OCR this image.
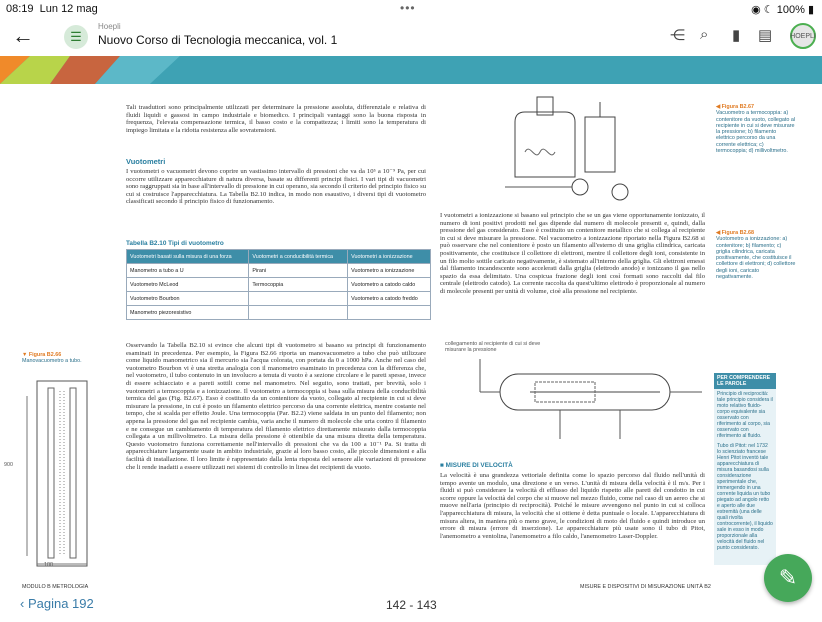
08:19 Lun 12 mag	•••	◉ ☾ 100% ▮
←	☰
Hoepli
Nuovo Corso di Tecnologia meccanica, vol. 1	⋲ ⌕ ▮ ▤	HOEPLI
Tali trasduttori sono principalmente utilizzati per determinare la pressione assoluta, differenziale e relativa di fluidi liquidi e gassosi in campo industriale e biomedico. I principali vantaggi sono la buona risposta in frequenza, l'elevata compensazione termica, il basso costo e la compattezza; i limiti sono la temperatura di impiego limitata e la ridotta resistenza alle sovratensioni.
Vuotometri
I vuotometri o vacuometri devono coprire un vastissimo intervallo di pressioni che va da 10⁵ a 10⁻⁹ Pa, per cui occorre utilizzare apparecchiature di natura diversa, basate su differenti principi fisici. I vari tipi di vacuometri sono raggruppati sia in base all'intervallo di pressione in cui operano, sia secondo il criterio del principio fisico su cui si costruisce l'apparecchiatura. La Tabella B2.10 indica, in modo non esaustivo, i diversi tipi di vuotometro classificati secondo il principio fisico di funzionamento.
Tabella B2.10 Tipi di vuotometro
Vuotometri basati sulla misura di una forza	Vuotometri a conducibilità termica	Vuotometri a ionizzazione
Manometro a tubo a U	Pirani	Vuotometro a ionizzazione
Vuotometro McLeod	Termocoppia	Vuotometro a catodo caldo
Vuotometro Bourbon		Vuotometro a catodo freddo
Manometro piezoresistivo		
▼ Figura B2.66
Manovacuometro a tubo.
900
100
Osservando la Tabella B2.10 si evince che alcuni tipi di vuotometro si basano su principi di funzionamento esaminati in precedenza. Per esempio, la Figura B2.66 riporta un manovacuometro a tubo che può utilizzare come liquido manometrico sia il mercurio sia l'acqua colorata, con portata da 0 a 1000 hPa. Anche nel caso del vuotometro Bourbon vi è una stretta analogia con il manometro esaminato in precedenza con la differenza che, nel vuotometro, il tubo contenuto in un involucro a tenuta di vuoto è a sezione circolare e le pareti spesse, invece di essere schiacciato e a pareti sottili come nel manometro. Nel seguito, sono trattati, per brevità, solo i vuotometri a termocoppia e a ionizzazione. Il vuotometro a termocoppia si basa sulla misura della conducibilità termica del gas (Fig. B2.67). Esso è costituito da un contenitore da vuoto, collegato al recipiente in cui si deve misurare la pressione, in cui è posto un filamento elettrico percorso da una corrente elettrica, mentre costante nel tempo, che si scalda per effetto Joule. Una termocoppia (Par. B2.2) viene saldata in un punto del filamento; non appena la pressione del gas nel recipiente cambia, varia anche il numero di molecole che urta contro il filamento e ne consegue un cambiamento di temperatura del filamento elettrico direttamente misurato dalla termocoppia collegata a un millivoltmetro. La misura della pressione è ottenibile da una misura diretta della temperatura. Questo vuotometro funziona correttamente nell'intervallo di pressioni che va da 100 a 10⁻¹ Pa. Si tratta di apparecchiature largamente usate in ambito industriale, grazie al loro basso costo, alle piccole dimensioni e alla facilità di installazione. Il loro limite è rappresentato dalla lenta risposta del sensore alle variazioni di pressione che li rende inadatti a essere utilizzati nei sistemi di controllo in linea dei recipienti da vuoto.
◀ Figura B2.67
Vacuometro a termocoppia: a) contenitore da vuoto, collegato al recipiente in cui si deve misurare la pressione; b) filamento elettrico percorso da una corrente elettrica; c) termocoppia; d) millivoltmetro.
I vuotometri a ionizzazione si basano sul principio che se un gas viene opportunamente ionizzato, il numero di ioni positivi prodotti nel gas dipende dal numero di molecole presenti e, quindi, dalla pressione del gas considerato. Esso è costituito un contenitore metallico che si collega al recipiente in cui si deve misurare la pressione. Nel vacuometro a ionizzazione riportato nella Figura B2.68 si può osservare che nel contenitore è posto un filamento all'esterno di una griglia cilindrica, caricata positivamente, che costituisce il collettore di elettroni, mentre il collettore degli ioni, consistente in un filo molto sottile caricato negativamente, è sistemato all'interno della griglia. Gli elettroni emessi dal filamento incandescente sono accelerati dalla griglia (elettrodo anodo) e ionizzano il gas nello spazio da essa delimitato. Una cospicua frazione degli ioni così formati sono raccolti dal filo centrale (elettrodo catodo). La corrente raccolta da quest'ultimo elettrodo è proporzionale al numero di molecole presenti per unità di volume, cioè alla pressione nel recipiente.
◀ Figura B2.68
Vuotometro a ionizzazione: a) contenitore; b) filamento; c) griglia cilindrica, caricata positivamente, che costituisce il collettore di elettroni; d) collettore degli ioni, caricato negativamente.
collegamento al recipiente di cui si deve misurare la pressione
■ MISURE DI VELOCITÀ
La velocità è una grandezza vettoriale definita come lo spazio percorso dal fluido nell'unità di tempo avente un modulo, una direzione e un verso. L'unità di misura della velocità è il m/s. Per i fluidi si può considerare la velocità di efflusso del liquido rispetto alle pareti del condotto in cui scorre oppure la velocità del corpo che si muove nel mezzo fluido, come nel caso di un aereo che si muove nell'aria (principio di reciprocità). Poiché le misure avvengono nel punto in cui si colloca l'apparecchiatura di misura, la velocità che si ottiene è detta puntuale o locale. L'apparecchiatura di misura altera, in maniera più o meno grave, le condizioni di moto del fluido e quindi introduce un errore di misura (errore di inserzione). Le apparecchiature più usate sono il tubo di Pitot, l'anemometro a ventolina, l'anemometro a filo caldo, l'anemometro Laser-Doppler.
PER COMPRENDERE LE PAROLE
Principio di reciprocità: tale principio considera il moto relativo fluido-corpo equivalente sia osservato con riferimento al corpo, sia osservato con riferimento al fluido.
Tubo di Pitot: nel 1732 lo scienziato francese Henri Pitot inventò tale apparecchiatura di misura basandosi sulla considerazione sperimentale che, immergendo in una corrente liquida un tubo piegato ad angolo retto e aperto alle due estremità (una delle quali rivolta controcorrente), il liquido sale in esso in modo proporzionale alla velocità del fluido nel punto considerato.
MODULO B METROLOGIA	MISURE E DISPOSITIVI DI MISURAZIONE UNITÀ B2
‹ Pagina 192	142 - 143
✎
